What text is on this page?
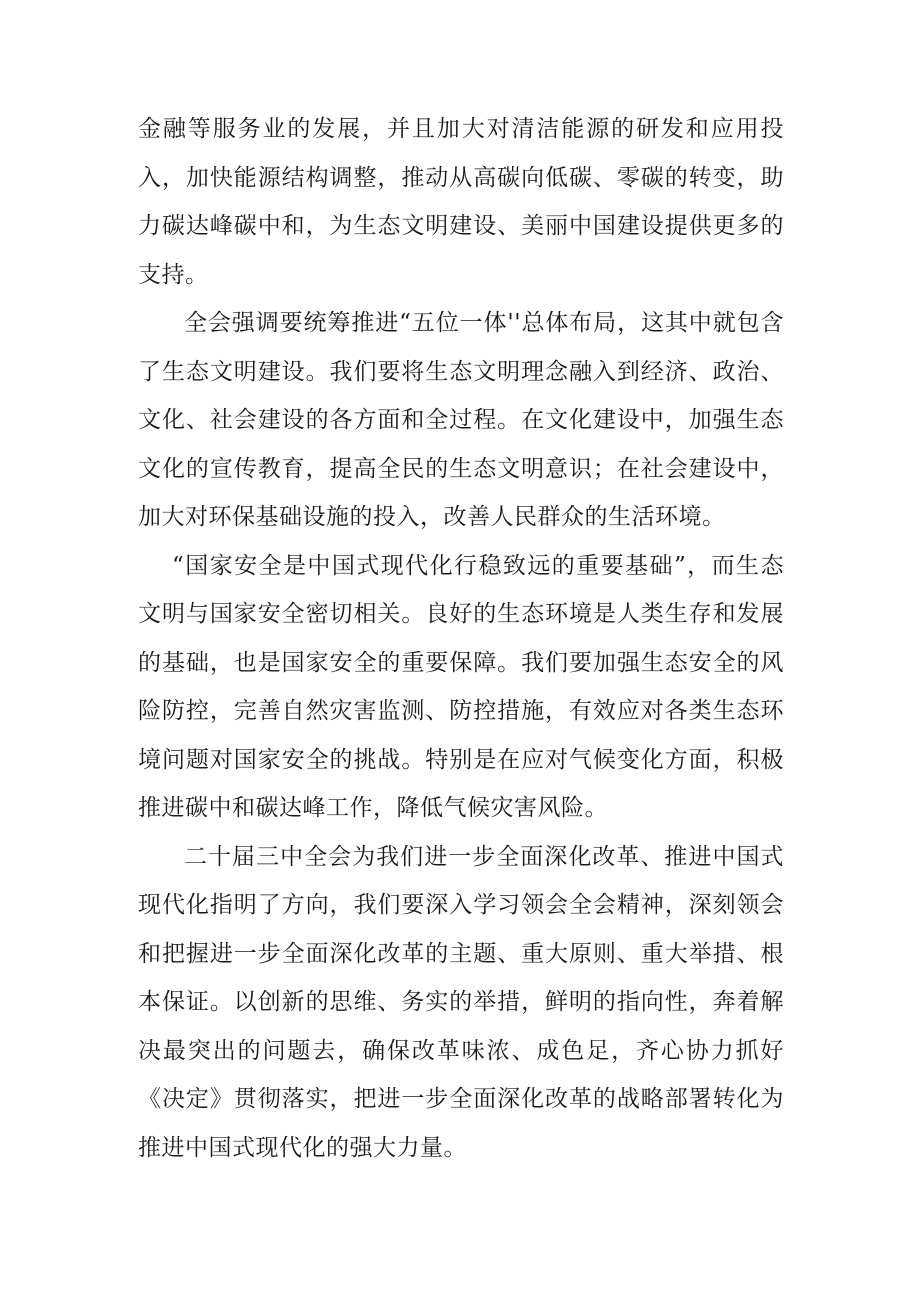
金融等服务业的发展，并且加大对清洁能源的研发和应用投入，加快能源结构调整，推动从高碳向低碳、零碳的转变，助力碳达峰碳中和，为生态文明建设、美丽中国建设提供更多的支持。

全会强调要统筹推进“五位一体''总体布局，这其中就包含了生态文明建设。我们要将生态文明理念融入到经济、政治、文化、社会建设的各方面和全过程。在文化建设中，加强生态文化的宣传教育，提高全民的生态文明意识；在社会建设中，加大对环保基础设施的投入，改善人民群众的生活环境。

“国家安全是中国式现代化行稳致远的重要基础”，而生态文明与国家安全密切相关。良好的生态环境是人类生存和发展的基础，也是国家安全的重要保障。我们要加强生态安全的风险防控，完善自然灾害监测、防控措施，有效应对各类生态环境问题对国家安全的挑战。特别是在应对气候变化方面，积极推进碳中和碳达峰工作，降低气候灾害风险。

二十届三中全会为我们进一步全面深化改革、推进中国式现代化指明了方向，我们要深入学习领会全会精神，深刻领会和把握进一步全面深化改革的主题、重大原则、重大举措、根本保证。以创新的思维、务实的举措，鲜明的指向性，奔着解决最突出的问题去，确保改革味浓、成色足，齐心协力抓好《决定》贯彻落实，把进一步全面深化改革的战略部署转化为推进中国式现代化的强大力量。
